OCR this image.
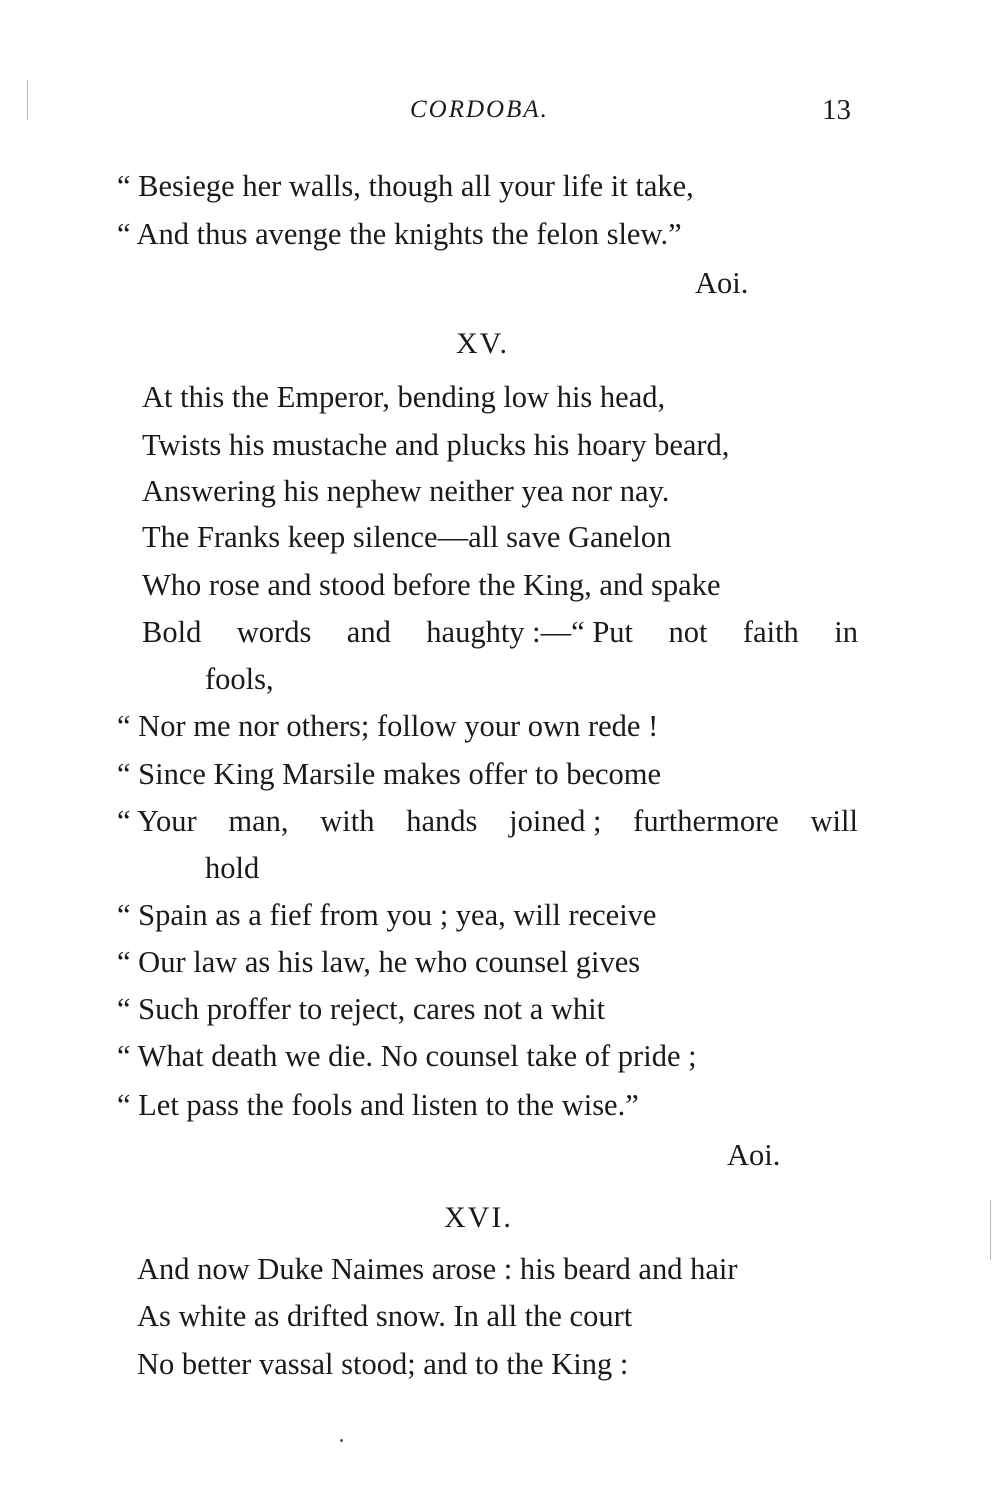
CORDOBA.	13
“ Besiege her walls, though all your life it take,
“ And thus avenge the knights the felon slew.”
Aoi.
XV.
At this the Emperor, bending low his head,
Twists his mustache and plucks his hoary beard,
Answering his nephew neither yea nor nay.
The Franks keep silence—all save Ganelon
Who rose and stood before the King, and spake
Bold words and haughty :—“ Put not faith in
fools,
“ Nor me nor others; follow your own rede !
“ Since King Marsile makes offer to become
“ Your man, with hands joined ; furthermore will
hold
“ Spain as a fief from you ; yea, will receive
“ Our law as his law, he who counsel gives
“ Such proffer to reject, cares not a whit
“ What death we die. No counsel take of pride ;
“ Let pass the fools and listen to the wise.”
Aoi.
XVI.
And now Duke Naimes arose : his beard and hair
As white as drifted snow. In all the court
No better vassal stood; and to the King :
